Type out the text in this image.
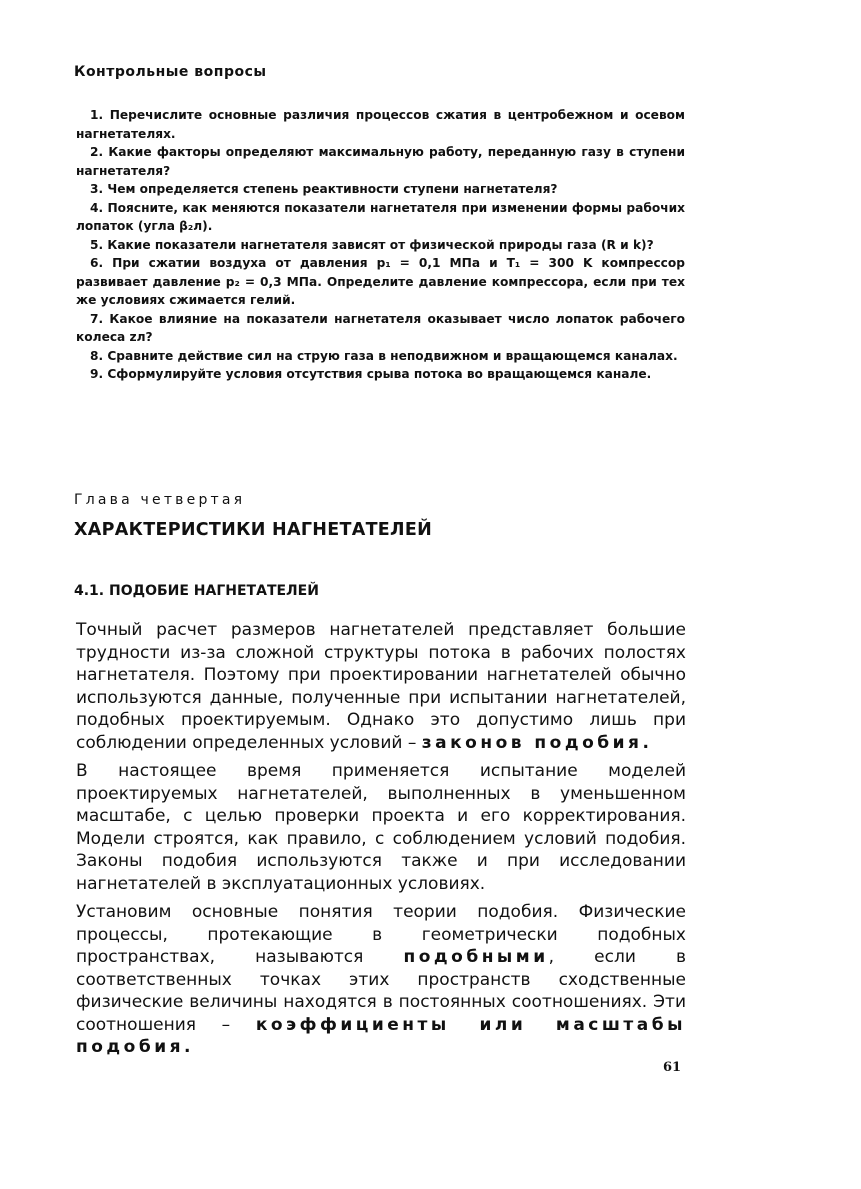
Контрольные вопросы

1. Перечислите основные различия процессов сжатия в центробежном и осевом нагнетателях.

2. Какие факторы определяют максимальную работу, переданную газу в ступени нагнетателя?

3. Чем определяется степень реактивности ступени нагнетателя?

4. Поясните, как меняются показатели нагнетателя при изменении формы рабочих лопаток (угла β₂л).

5. Какие показатели нагнетателя зависят от физической природы газа (R и k)?

6. При сжатии воздуха от давления p₁ = 0,1 МПа и T₁ = 300 K компрессор развивает давление p₂ = 0,3 МПа. Определите давление компрессора, если при тех же условиях сжимается гелий.

7. Какое влияние на показатели нагнетателя оказывает число лопаток рабочего колеса zл?

8. Сравните действие сил на струю газа в неподвижном и вращающемся каналах.

9. Сформулируйте условия отсутствия срыва потока во вращающемся канале.

Глава четвертая
ХАРАКТЕРИСТИКИ НАГНЕТАТЕЛЕЙ
4.1. ПОДОБИЕ НАГНЕТАТЕЛЕЙ

Точный расчет размеров нагнетателей представляет большие трудности из-за сложной структуры потока в рабочих полостях нагнетателя. Поэтому при проектировании нагнетателей обычно используются данные, полученные при испытании нагнетателей, подобных проектируемым. Однако это допустимо лишь при соблюдении определенных условий – законов подобия.

В настоящее время применяется испытание моделей проектируемых нагнетателей, выполненных в уменьшенном масштабе, с целью проверки проекта и его корректирования. Модели строятся, как правило, с соблюдением условий подобия. Законы подобия используются также и при исследовании нагнетателей в эксплуатационных условиях.

Установим основные понятия теории подобия. Физические процессы, протекающие в геометрически подобных пространствах, называются подобными, если в соответственных точках этих пространств сходственные физические величины находятся в постоянных соотношениях. Эти соотношения – коэффициенты или масштабы подобия.

61
